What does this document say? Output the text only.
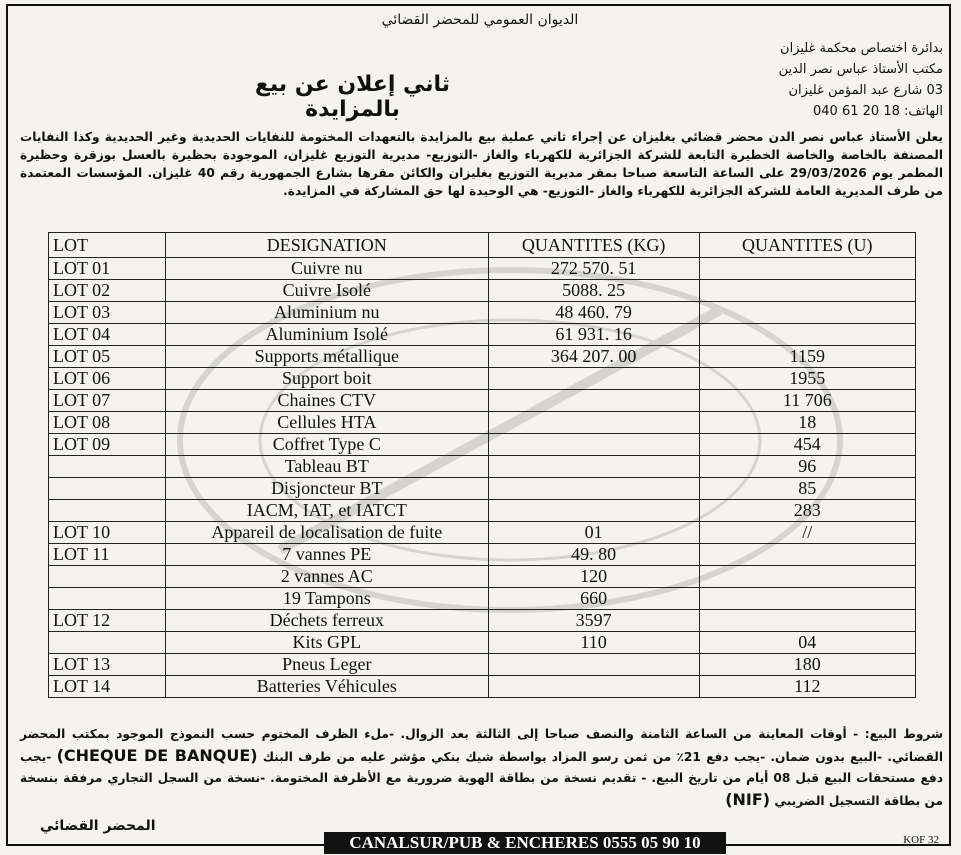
الديوان العمومي للمحضر القضائي
بدائرة اختصاص محكمة غليزان
مكتب الأستاذ عباس نصر الدين
03 شارع عبد المؤمن غليزان
الهاتف: 18 20 61 040
ثاني إعلان عن بيع بالمزايدة
يعلن الأستاذ عباس نصر الدن محضر قضائي بغليزان عن إجراء ثاني عملية بيع بالمزايدة بالتعهدات المختومة للنفايات الحديدية وغير الحديدية وكذا النفايات المصنفة بالخاصة والخاصة الخطيرة التابعة للشركة الجزائرية للكهرباء والغاز -التوزيع- مديرية التوزيع غليزان، الموجودة بحظيرة بالعسل بوزقرة وحظيرة المطمر يوم 29/03/2026 على الساعة التاسعة صباحا بمقر مديرية التوزيع بغليزان والكائن مقرها بشارع الجمهورية رقم 40 غليزان. المؤسسات المعتمدة من طرف المديرية العامة للشركة الجزائرية للكهرباء والغاز -التوزيع- هي الوحيدة لها حق المشاركة في المزايدة.
LOT	DESIGNATION	QUANTITES (KG)	QUANTITES (U)
LOT 01	Cuivre nu	272 570. 51	
LOT 02	Cuivre Isolé	5088. 25	
LOT 03	Aluminium nu	48 460. 79	
LOT 04	Aluminium Isolé	61 931. 16	
LOT 05	Supports métallique	364 207. 00	1159
LOT 06	Support boit		1955
LOT 07	Chaines CTV		11 706
LOT 08	Cellules HTA		18
LOT 09	Coffret Type C		454
	Tableau BT		96
	Disjoncteur BT		85
	IACM, IAT, et IATCT		283
LOT 10	Appareil de localisation de fuite	01	//
LOT 11	7 vannes PE	49. 80	
	2 vannes AC	120	
	19 Tampons	660	
LOT 12	Déchets ferreux	3597	
	Kits GPL	110	04
LOT 13	Pneus Leger		180
LOT 14	Batteries Véhicules		112
شروط البيع: - أوقات المعاينة من الساعة الثامنة والنصف صباحا إلى الثالثة بعد الزوال. -ملء الظرف المختوم حسب النموذج الموجود بمكتب المحضر القضائي. -البيع بدون ضمان. -يجب دفع 21٪ من ثمن رسو المزاد بواسطة شيك بنكي مؤشر عليه من طرف البنك (CHEQUE DE BANQUE) -يجب دفع مستحقات البيع قبل 08 أيام من تاريخ البيع. - تقديم نسخة من بطاقة الهوية ضرورية مع الأظرفة المختومة. -نسخة من السجل التجاري مرفقة بنسخة من بطاقة التسجيل الضريبي (NIF)
المحضر القضائي
CANALSUR/PUB & ENCHERES 0555 05 90 10	KOF 32
